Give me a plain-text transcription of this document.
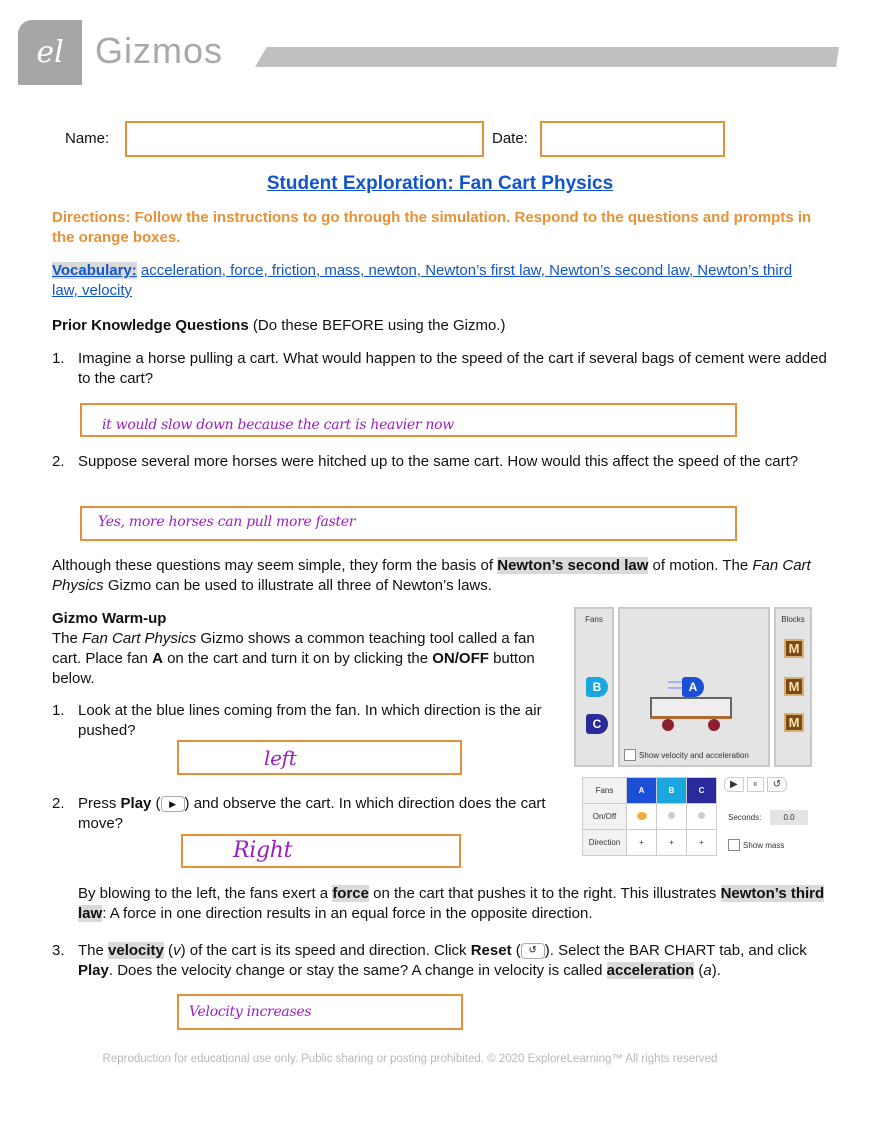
el Gizmos
Name:	Date:
Student Exploration: Fan Cart Physics
Directions: Follow the instructions to go through the simulation. Respond to the questions and prompts in the orange boxes.
Vocabulary: acceleration, force, friction, mass, newton, Newton’s first law, Newton’s second law, Newton’s third law, velocity
Prior Knowledge Questions (Do these BEFORE using the Gizmo.)
1. Imagine a horse pulling a cart. What would happen to the speed of the cart if several bags of cement were added to the cart?
it would slow down because the cart is heavier now
2. Suppose several more horses were hitched up to the same cart. How would this affect the speed of the cart?
Yes, more horses can pull more faster
Although these questions may seem simple, they form the basis of Newton’s second law of motion. The Fan Cart Physics Gizmo can be used to illustrate all three of Newton’s laws.
Gizmo Warm-up
The Fan Cart Physics Gizmo shows a common teaching tool called a fan cart. Place fan A on the cart and turn it on by clicking the ON/OFF button below.
1. Look at the blue lines coming from the fan. In which direction is the air pushed?
left
2. Press Play ( ▶ ) and observe the cart. In which direction does the cart move?
Right
By blowing to the left, the fans exert a force on the cart that pushes it to the right. This illustrates Newton’s third law: A force in one direction results in an equal force in the opposite direction.
3. The velocity (v) of the cart is its speed and direction. Click Reset ( ↺ ). Select the BAR CHART tab, and click Play. Does the velocity change or stay the same? A change in velocity is called acceleration (a).
Velocity increases
Fans
B
C
A
Show velocity and acceleration
Blocks
M
M
M
Fans	A	B	C
On/Off			
Direction	+	+	+
▶	⏸	↺
Seconds:	0.0
Show mass
Reproduction for educational use only. Public sharing or posting prohibited. © 2020 ExploreLearning™ All rights reserved
